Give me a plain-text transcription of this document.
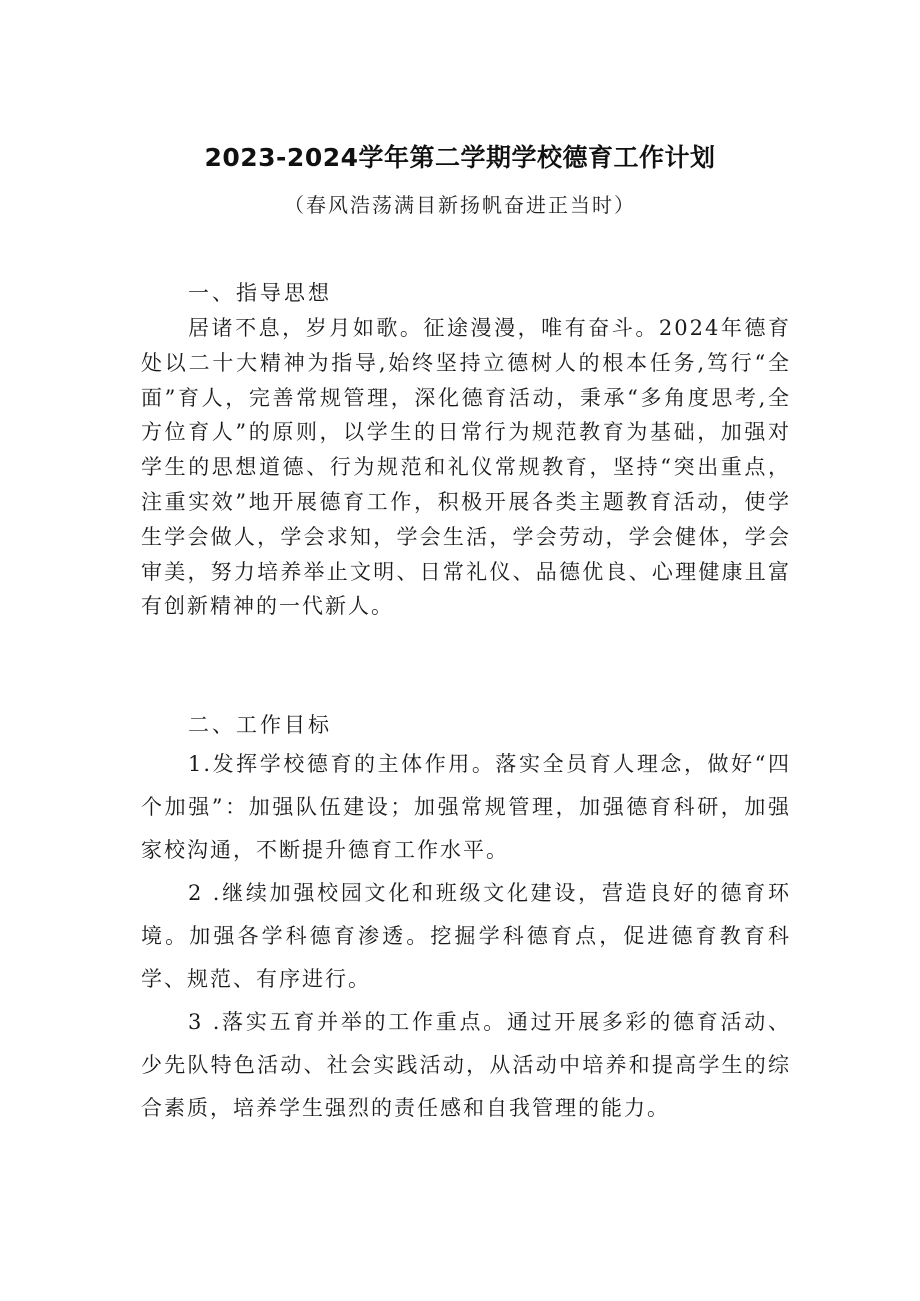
2023-2024学年第二学期学校德育工作计划
（春风浩荡满目新扬帆奋进正当时）
一、指导思想
居诸不息，岁月如歌。征途漫漫，唯有奋斗。2024年德育处以二十大精神为指导,始终坚持立德树人的根本任务,笃行“全面”育人，完善常规管理，深化德育活动，秉承“多角度思考,全方位育人”的原则，以学生的日常行为规范教育为基础，加强对学生的思想道德、行为规范和礼仪常规教育，坚持“突出重点，注重实效”地开展德育工作，积极开展各类主题教育活动，使学生学会做人，学会求知，学会生活，学会劳动，学会健体，学会审美，努力培养举止文明、日常礼仪、品德优良、心理健康且富有创新精神的一代新人。
二、工作目标
1.发挥学校德育的主体作用。落实全员育人理念，做好“四个加强”：加强队伍建设；加强常规管理，加强德育科研，加强家校沟通，不断提升德育工作水平。
2 .继续加强校园文化和班级文化建设，营造良好的德育环境。加强各学科德育渗透。挖掘学科德育点，促进德育教育科学、规范、有序进行。
3 .落实五育并举的工作重点。通过开展多彩的德育活动、少先队特色活动、社会实践活动，从活动中培养和提高学生的综合素质，培养学生强烈的责任感和自我管理的能力。
